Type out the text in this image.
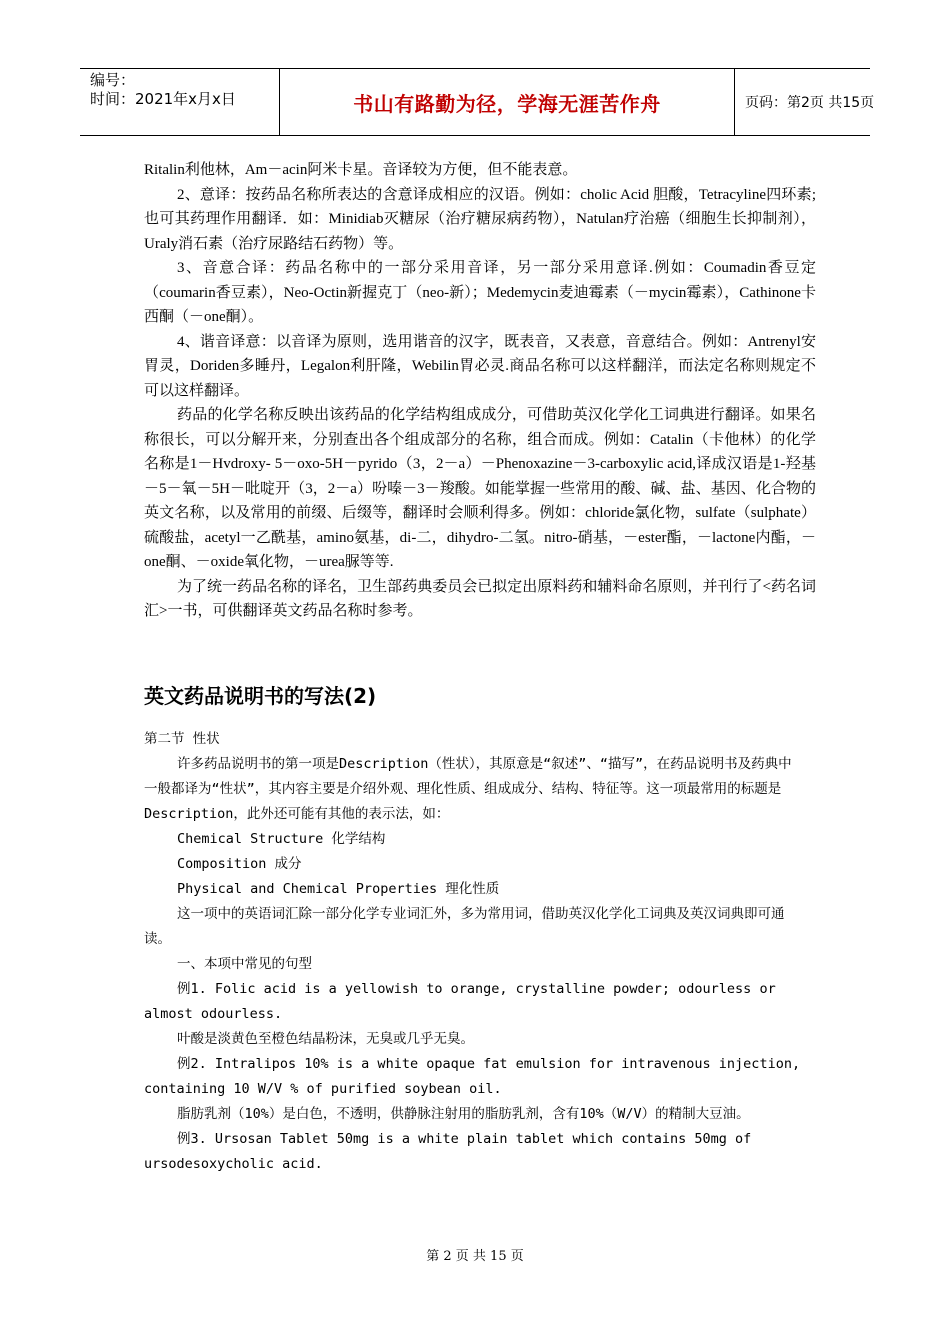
编号：
时间：2021年x月x日	书山有路勤为径，学海无涯苦作舟	页码：第2页 共15页

Ritalin利他林，Am－acin阿米卡星。音译较为方便，但不能表意。

2、意译：按药品名称所表达的含意译成相应的汉语。例如：cholic Acid 胆酸，Tetracyline四环素;也可其药理作用翻译．如：Minidiab灭糖尿（治疗糖尿病药物），Natulan疗治癌（细胞生长抑制剂），Uraly消石素（治疗尿路结石药物）等。

3、音意合译：药品名称中的一部分采用音译，另一部分采用意译.例如：Coumadin香豆定（coumarin香豆素），Neo-Octin新握克丁（neo-新）；Medemycin麦迪霉素（－mycin霉素），Cathinone卡西酮（－one酮）。

4、谐音译意：以音译为原则，选用谐音的汉字，既表音，又表意，音意结合。例如：Antrenyl安胃灵，Doriden多睡丹，Legalon利肝隆，Webilin胃必灵.商品名称可以这样翻洋，而法定名称则规定不可以这样翻译。

药品的化学名称反映出该药品的化学结构组成成分，可借助英汉化学化工词典进行翻译。如果名称很长，可以分解开来，分别查出各个组成部分的名称，组合而成。例如：Catalin（卡他林）的化学名称是1－Hvdroxy- 5－oxo-5H－pyrido（3，2－a）－Phenoxazine－3-carboxylic acid,译成汉语是1-羟基－5－氧－5H－吡啶开（3，2－a）吩嗪－3－羧酸。如能掌握一些常用的酸、碱、盐、基因、化合物的英文名称，以及常用的前缀、后缀等，翻译时会顺利得多。例如：chloride氯化物，sulfate（sulphate）硫酸盐，acetyl一乙酰基，amino氨基，di-二，dihydro-二氢。nitro-硝基，－ester酯，－lactone内酯，－one酮、－oxide氧化物，－urea脲等等.

为了统一药品名称的译名，卫生部药典委员会已拟定出原料药和辅料命名原则，并刊行了<药名词汇>一书，可供翻译英文药品名称时参考。

英文药品说明书的写法(2)

第二节 性状

许多药品说明书的第一项是Description（性状），其原意是“叙述”、“描写”，在药品说明书及药典中一般都译为“性状”，其内容主要是介绍外观、理化性质、组成成分、结构、特征等。这一项最常用的标题是Description，此外还可能有其他的表示法，如：

Chemical Structure 化学结构

Composition 成分

Physical and Chemical Properties 理化性质

这一项中的英语词汇除一部分化学专业词汇外，多为常用词，借助英汉化学化工词典及英汉词典即可通读。

一、本项中常见的句型

例1. Folic acid is a yellowish to orange, crystalline powder; odourless or almost odourless.

叶酸是淡黄色至橙色结晶粉沫，无臭或几乎无臭。

例2. Intralipos 10% is a white opaque fat emulsion for intravenous injection, containing 10 W/V % of purified soybean oil.

脂肪乳剂（10%）是白色，不透明，供静脉注射用的脂肪乳剂，含有10%（W/V）的精制大豆油。

例3. Ursosan Tablet 50mg is a white plain tablet which contains 50mg of ursodesoxycholic acid.

第 2 页 共 15 页
